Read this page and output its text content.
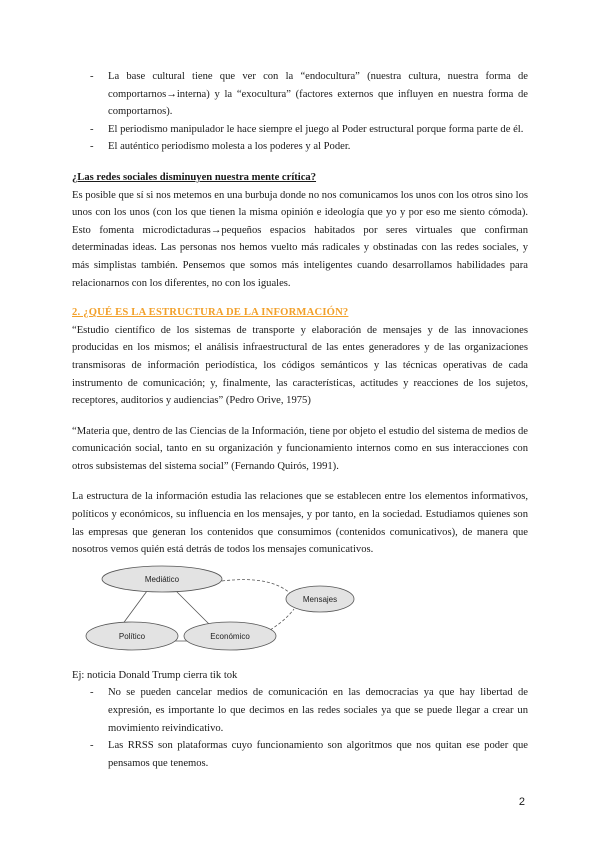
- La base cultural tiene que ver con la “endocultura” (nuestra cultura, nuestra forma de comportarnos→interna) y la “exocultura” (factores externos que influyen en nuestra forma de comportarnos).
- El periodismo manipulador le hace siempre el juego al Poder estructural porque forma parte de él.
- El auténtico periodismo molesta a los poderes y al Poder.
¿Las redes sociales disminuyen nuestra mente crítica?

Es posible que sí si nos metemos en una burbuja donde no nos comunicamos los unos con los otros sino los unos con los unos (con los que tienen la misma opinión e ideología que yo y por eso me siento cómoda). Esto fomenta microdictaduras→pequeños espacios habitados por seres virtuales que confirman determinadas ideas. Las personas nos hemos vuelto más radicales y obstinadas con las redes sociales, y más simplistas también. Pensemos que somos más inteligentes cuando desarrollamos habilidades para relacionarnos con los diferentes, no con los iguales.

2. ¿QUÉ ES LA ESTRUCTURA DE LA INFORMACIÓN?

“Estudio científico de los sistemas de transporte y elaboración de mensajes y de las innovaciones producidas en los mismos; el análisis infraestructural de las entes generadores y de las organizaciones transmisoras de información periodística, los códigos semánticos y las técnicas operativas de cada instrumento de comunicación; y, finalmente, las características, actitudes y reacciones de los sujetos, receptores, auditorios y audiencias” (Pedro Orive, 1975)

“Materia que, dentro de las Ciencias de la Información, tiene por objeto el estudio del sistema de medios de comunicación social, tanto en su organización y funcionamiento internos como en sus interacciones con otros subsistemas del sistema social” (Fernando Quirós, 1991).

La estructura de la información estudia las relaciones que se establecen entre los elementos informativos, políticos y económicos, su influencia en los mensajes, y por tanto, en la sociedad. Estudiamos quienes son las empresas que generan los contenidos que consumimos (contenidos comunicativos), de manera que nosotros vemos quién está detrás de todos los mensajes comunicativos.

Mediático
Mensajes
Político	Económico
Ej: noticia Donald Trump cierra tik tok
- No se pueden cancelar medios de comunicación en las democracias ya que hay libertad de expresión, es importante lo que decimos en las redes sociales ya que se puede llegar a crear un movimiento reivindicativo.
- Las RRSS son plataformas cuyo funcionamiento son algoritmos que nos quitan ese poder que pensamos que tenemos.
2
